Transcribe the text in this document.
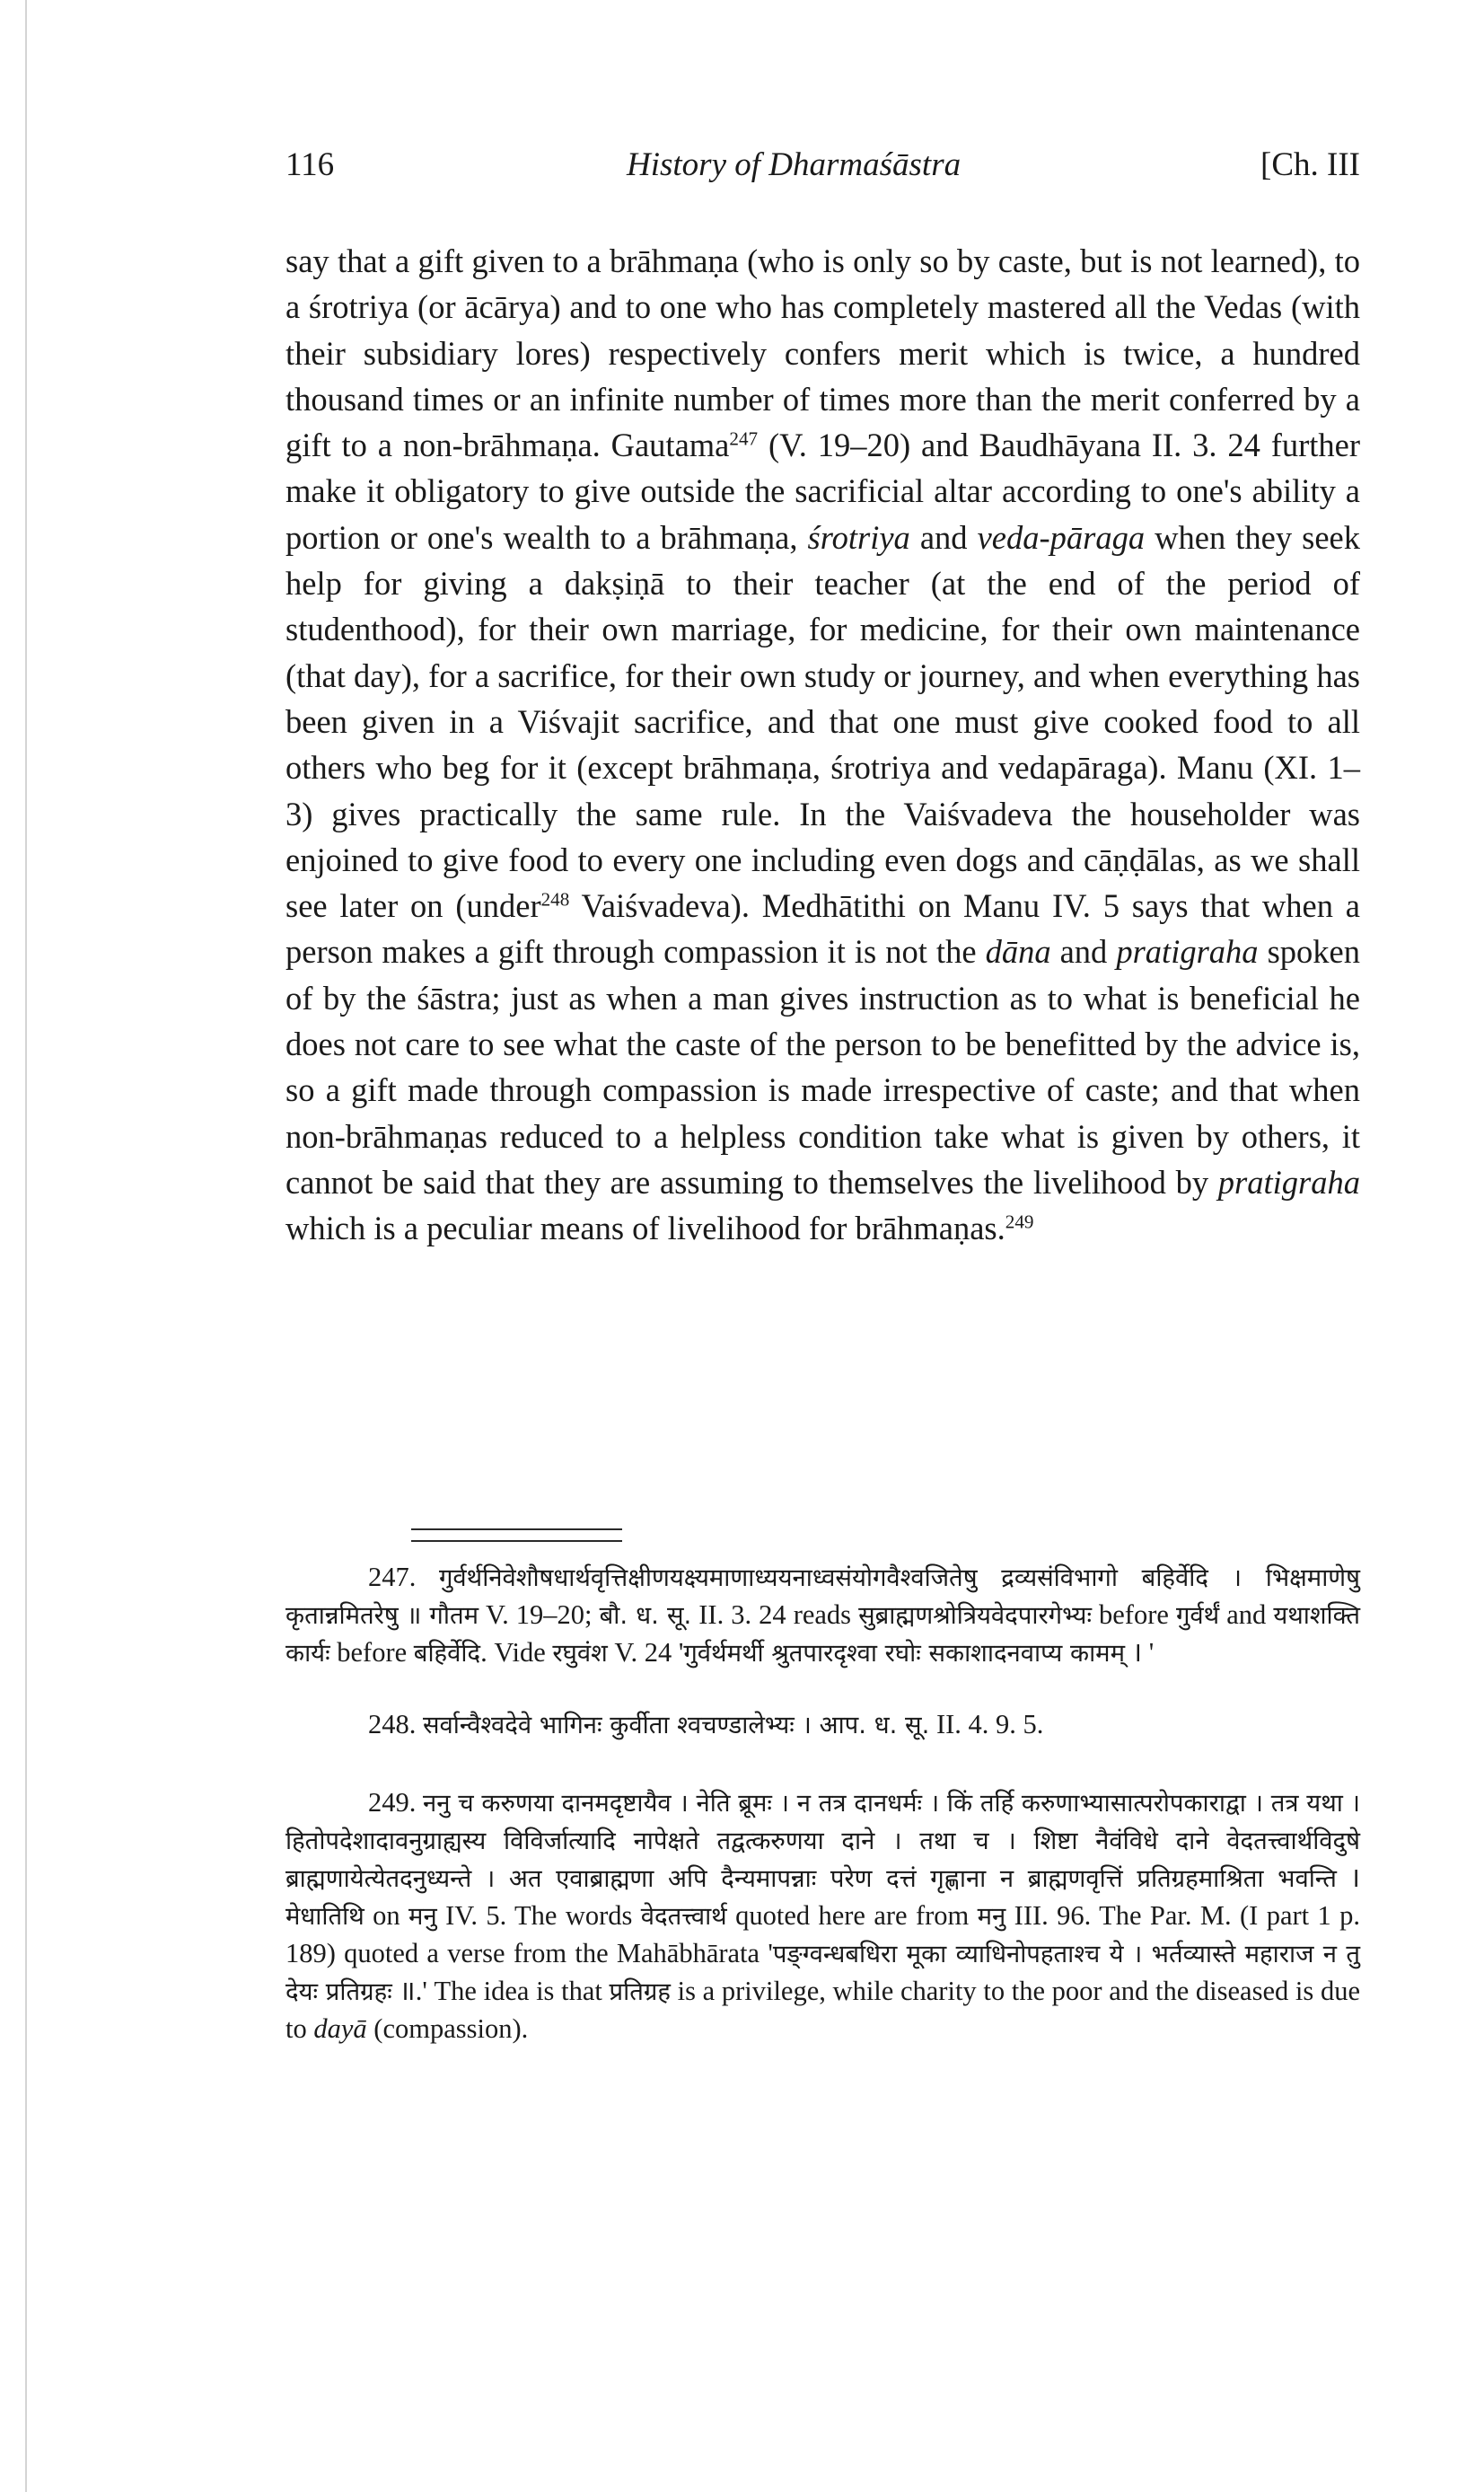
116	History of Dharmaśāstra	[Ch. III

say that a gift given to a brāhmaṇa (who is only so by caste, but is not learned), to a śrotriya (or ācārya) and to one who has completely mastered all the Vedas (with their subsidiary lores) respectively confers merit which is twice, a hundred thousand times or an infinite number of times more than the merit conferred by a gift to a non-brāhmaṇa. Gautama$^{247}$ (V. 19–20) and Baudhāyana II. 3. 24 further make it obligatory to give outside the sacrificial altar according to one's ability a portion or one's wealth to a brāhmaṇa, śrotriya and veda-pāraga when they seek help for giving a dakṣiṇā to their teacher (at the end of the period of studenthood), for their own marriage, for medicine, for their own maintenance (that day), for a sacrifice, for their own study or journey, and when everything has been given in a Viśvajit sacrifice, and that one must give cooked food to all others who beg for it (except brāhmaṇa, śrotriya and vedapāraga). Manu (XI. 1–3) gives practically the same rule. In the Vaiśvadeva the householder was enjoined to give food to every one including even dogs and cāṇḍālas, as we shall see later on (under$^{248}$ Vaiśvadeva). Medhātithi on Manu IV. 5 says that when a person makes a gift through compassion it is not the dāna and pratigraha spoken of by the śāstra; just as when a man gives instruction as to what is beneficial he does not care to see what the caste of the person to be benefitted by the advice is, so a gift made through compassion is made irrespective of caste; and that when non-brāhmaṇas reduced to a helpless condition take what is given by others, it cannot be said that they are assuming to themselves the livelihood by pratigraha which is a peculiar means of livelihood for brāhmaṇas.$^{249}$

247. गुर्वर्थनिवेशौषधार्थवृत्तिक्षीणयक्ष्यमाणाध्ययनाध्वसंयोगवैश्वजितेषु द्रव्यसंविभागो बहिर्वेदि । भिक्षमाणेषु कृतान्नमितरेषु ॥ गौतम V. 19–20; बौ. ध. सू. II. 3. 24 reads सुब्राह्मणश्रोत्रियवेदपारगेभ्यः before गुर्वर्थं and यथाशक्ति कार्यः before बहिर्वेदि. Vide रघुवंश V. 24 'गुर्वर्थमर्थी श्रुतपारदृश्वा रघोः सकाशादनवाप्य कामम् । '

248. सर्वान्वैश्वदेवे भागिनः कुर्वीता श्वचण्डालेभ्यः । आप. ध. सू. II. 4. 9. 5.

249. ननु च करुणया दानमदृष्टायैव । नेति ब्रूमः । न तत्र दानधर्मः । किं तर्हि करुणाभ्यासात्परोपकाराद्वा । तत्र यथा । हितोपदेशादावनुग्राह्यस्य विविर्जात्यादि नापेक्षते तद्वत्करुणया दाने । तथा च । शिष्टा नैवंविधे दाने वेदतत्त्वार्थविदुषे ब्राह्मणायेत्येतदनुध्यन्ते । अत एवाब्राह्मणा अपि दैन्यमापन्नाः परेण दत्तं गृह्णाना न ब्राह्मणवृत्तिं प्रतिग्रहमाश्रिता भवन्ति । मेधातिथि on मनु IV. 5. The words वेदतत्त्वार्थ quoted here are from मनु III. 96. The Par. M. (I part 1 p. 189) quoted a verse from the Mahābhārata 'पङ्ग्वन्धबधिरा मूका व्याधिनोपहताश्च ये । भर्तव्यास्ते महाराज न तु देयः प्रतिग्रहः ॥.' The idea is that प्रतिग्रह is a privilege, while charity to the poor and the diseased is due to dayā (compassion).
